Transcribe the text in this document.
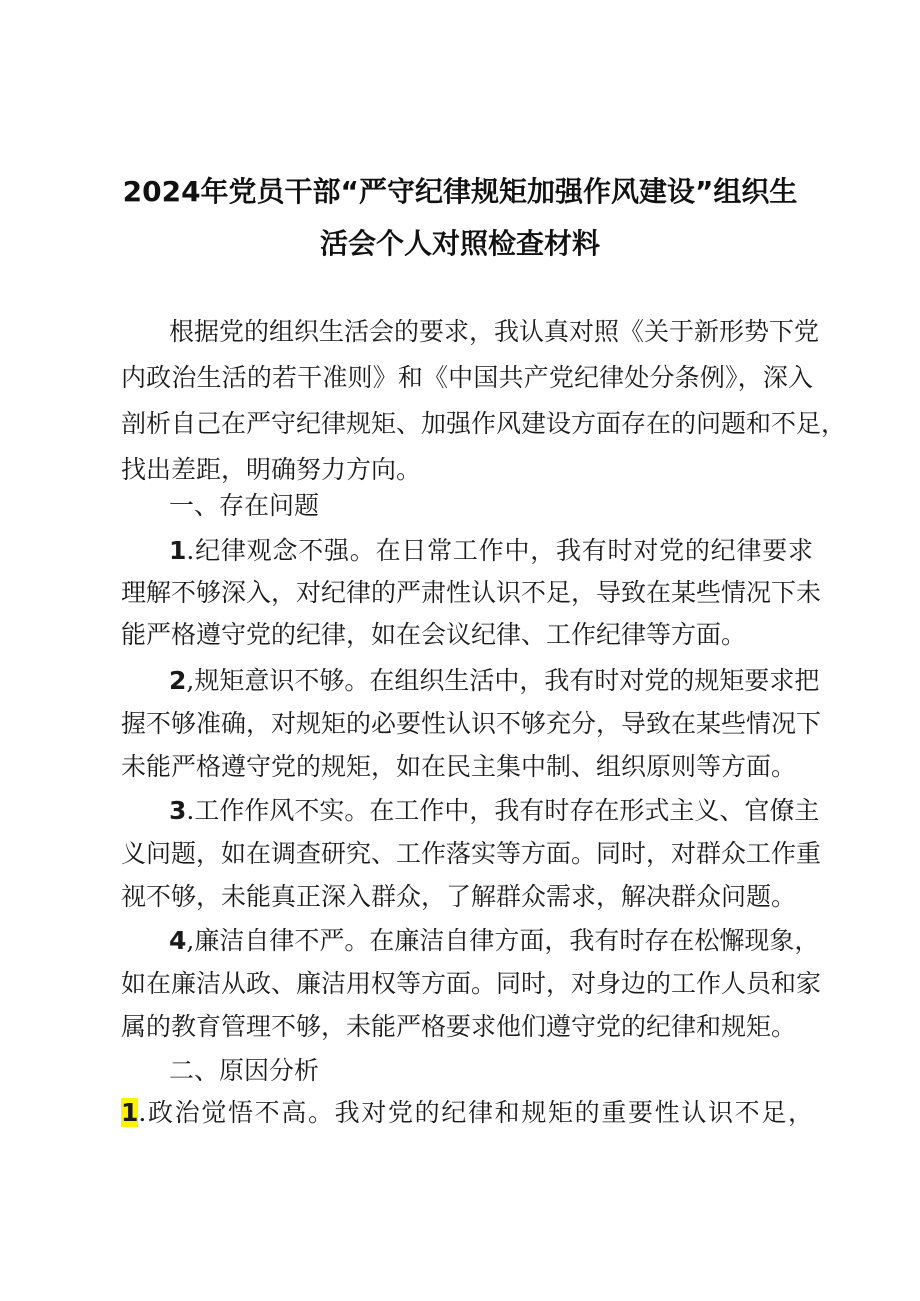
2024年党员干部“严守纪律规矩加强作风建设”组织生
活会个人对照检查材料
根据党的组织生活会的要求，我认真对照《关于新形势下党
内政治生活的若干准则》和《中国共产党纪律处分条例》，深入
剖析自己在严守纪律规矩、加强作风建设方面存在的问题和不足，
找出差距，明确努力方向。
一、存在问题
1.纪律观念不强。在日常工作中，我有时对党的纪律要求
理解不够深入，对纪律的严肃性认识不足，导致在某些情况下未
能严格遵守党的纪律，如在会议纪律、工作纪律等方面。
2,规矩意识不够。在组织生活中，我有时对党的规矩要求把
握不够准确，对规矩的必要性认识不够充分，导致在某些情况下
未能严格遵守党的规矩，如在民主集中制、组织原则等方面。
3.工作作风不实。在工作中，我有时存在形式主义、官僚主
义问题，如在调查研究、工作落实等方面。同时，对群众工作重
视不够，未能真正深入群众，了解群众需求，解决群众问题。
4,廉洁自律不严。在廉洁自律方面，我有时存在松懈现象，
如在廉洁从政、廉洁用权等方面。同时，对身边的工作人员和家
属的教育管理不够，未能严格要求他们遵守党的纪律和规矩。
二、原因分析
1.政治觉悟不高。我对党的纪律和规矩的重要性认识不足，
